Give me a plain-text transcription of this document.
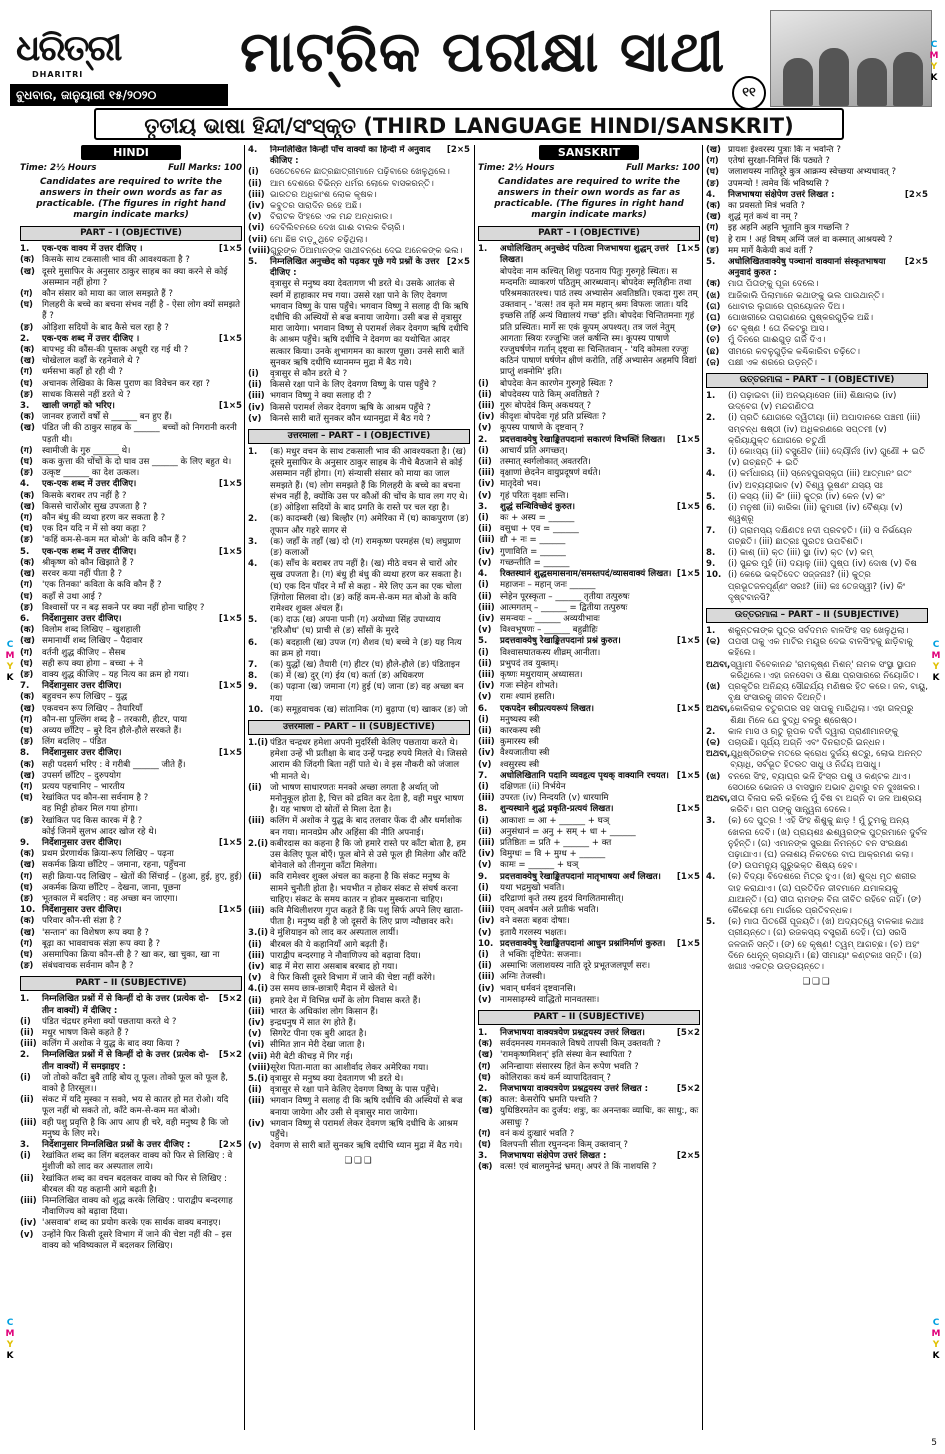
ଧରିତ୍ରୀ
DHARITRI
ବୁଧବାର, ଜାନୁୟାରୀ ୧୫/୨୦୨୦
ମାଟ୍ରିକ ପରୀକ୍ଷା ସାଥୀ
୧୧
C
M
Y
K
C
M
Y
K
C
M
Y
K
C
M
Y
K
C
M
Y
K
ତୃତୀୟ ଭାଷା ହିନ୍ଦୀ/ସଂସ୍କୃତ (THIRD LANGUAGE HINDI/SANSKRIT)
HINDI
Time: 2½ Hours	Full Marks: 100
Candidates are required to write the answers in their own words as far as practicable. (The figures in right hand margin indicate marks)
PART – I (OBJECTIVE)
1.	एक-एक वाक्य में उत्तर दीजिए ।	[1×5
(क) किसके साथ टकसाली भाव की आवश्यकता है ?
(ख) दूसरे मुसाफिर के अनुसार ठाकुर साहब का क्या करने से कोई असम्मान नहीं होगा ?
(ग)	कौन संसार को माया का जाल समझते हैं ?
(घ)	गिलहरी के बच्चे का बचना संभव नहीं है - ऐसा लोग क्यों समझते हैं ?
(ङ)	ओड़िशा सदियों के बाद कैसे चल रहा है ?
2.	एक-एक शब्द में उत्तर दीजिए ।	[1×5
(क) बापभट्ट की कौंस-की पुस्तक अधूरी रह गई थी ?
(ख) चोखेलाल कहाँ के रहनेवाले थे ?
(ग)	धर्मसभा कहाँ हो रही थी ?
(घ)	अचानक लेखिका के किस पुराण का विवेचन कर रहा ?
(ङ)	साधक किससे नहीं डरते थे ?
3.	खाली जगहों को भरिए।	[1×5
(क) जानवर हजारों वर्षों से ______ बन हुए हैं।
(ख) पंडित जी की ठाकुर साहब के ______ बच्चों को निगरानी करनी पड़ती थी।
(ग)	स्वामीजी के गुरु ______ थे।
(घ)	कक कुत्ता की चोंचों के दो घाव उस ______ के लिए बहुत थे।
(ङ)	उत्कृष्ट ______ का देश उत्कल।
4.	एक-एक शब्द में उत्तर दीजिए।	[1×5
(क) किसके बराबर तप नहीं है ?
(ख) किससे चारोंओर सुख उपजता है ?
(ग)	कौन बंधु की व्यथा हरण कर सकता है ?
(घ)	एक दिन यदि न में सो क्या कहा ?
(ङ)	'कहिं कम-से-कम मत बोओ' के कवि कौन हैं ?
5.	एक-एक शब्द में उत्तर दीजिए।	[1×5
(क) श्रीकृष्ण को कौन खिझाते हैं ?
(ख) सरवर कया नहीं पीता है ?
(ग)	'एक तिनका' कविता के कवि कौन हैं ?
(घ)	कहाँ से उथा आई ?
(ङ)	विश्वासों पर न बढ़ सकने पर क्या नहीं होना चाहिए ?
6.	निर्देशानुसार उत्तर दीजिए।	[1×5
(क) विलोम शब्द लिखिए – खुशहाली
(ख) समानार्थी शब्द लिखिए – पैदावार
(ग)	वर्तनी शुद्ध कीजिए – सैसब
(घ)	सही रूप क्या होगा – बच्चा + ने
(ङ)	वाक्य शुद्ध कीजिए – यह नित्य का क्रम हो गया।
7.	निर्देशानुसार उत्तर दीजिए।	[1×5
(क) बहुवचन रूप लिखिए – युद्ध
(ख) एकवचन रूप लिखिए – तैयारियाँ
(ग)	कौन-सा पुल्लिंग शब्द है – तरकारी, हीटर, पाया
(घ)	अव्यय छाँटिए – बुरे दिन हौले-हौले सरकते हैं।
(ङ)	लिंग बदलिए – पंडित
8.	निर्देशानुसार उत्तर दीजिए।	[1×5
(क) सही पदसर्ग भरिए : वे गरीबी ______ जीते हैं।
(ख) उपसर्ग छाँटिए – दुरुपयोग
(ग)	प्रत्यय पहचानिए – भारतीय
(घ)	रेखांकित पद कौन-सा सर्वनाम है ?
वह मिट्टी होकर मिल गया होगा।
(ङ)	रेखांकित पद किस कारक में है ?
कोई जिनमें सुलभ आदर खोज रहे थे।
9.	निर्देशानुसार उत्तर दीजिए।	[1×5
(क) प्रथम प्रेरणार्थक क्रिया-रूप लिखिए – पढ़ना
(ख) सकर्मक क्रिया छाँटिए – जमाना, रहना, पहुँचना
(ग)	सही क्रिया-पद लिखिए – खेतों की सिंचाई – (हुआ, हुई, हुए, हुई)
(घ)	अकर्मक क्रिया छाँटिए – देखना, जाना, पूछना
(ङ)	भूतकाल में बदलिए : वह अच्छा बन जाएगा।
10. निर्देशानुसार उत्तर दीजिए।	[1×5
(क) परिवार कौन-सी संज्ञा है ?
(ख) 'सन्तान' का विशेषण रूप क्या है ?
(ग)	बूढ़ा का भाववाचक संज्ञा रूप क्या है ?
(घ)	असमापिका क्रिया कौन-सी है ? खा कर, खा चुका, खा ना
(ङ)	संबंधवाचक सर्वनाम कौन है ?
PART – II (SUBJECTIVE)
1.	निम्नलिखित प्रश्नों में से किन्हीं दो के उत्तर (प्रत्येक दो-तीन वाक्यों) में दीजिए :
[5×2
(i)	पंडित चंद्रधर हमेशा क्यों पछताया करते थे ?
(ii) मधुर भाषण किसे कहते हैं ?
(iii) कलिंग में अशोक ने युद्ध के बाद क्या किया ?
2.	निम्नलिखित प्रश्नों में से किन्हीं दो के उत्तर (प्रत्येक दो-तीन वाक्यों) में समझाइए :
[5×2
(i)	जो तोको काँटा बुवै ताहि बोय तू फूल। तोको फूल को फूल है, वाको है तिरसूल।।
(ii) संकट में यदि मुस्का न सको, भय से कातर हो मत रोओ। यदि फूल नहीं बो सकते तो, काँटे कम-से-कम मत बोओ।
(iii) वही पशु प्रवृत्ति है कि आप आप ही चरे, वही मनुष्य है कि जो मनुष्य के लिए मरे।
3.	निर्देशानुसार निम्नलिखित प्रश्नों के उत्तर दीजिए :	[2×5
(i)	रेखांकित शब्द का लिंग बदलकर वाक्य को फिर से लिखिए : वे मुंशीजी को लाद कर अस्पताल लाये।
(ii) रेखांकित शब्द का वचन बदलकर वाक्य को फिर से लिखिए : बीरबल की यह कहानी आगे बढ़ती है।
(iii) निम्नलिखित वाक्य को शुद्ध करके लिखिए : पाराद्वीप बन्दरगाह नौवाणिज्य को बढ़ावा दिया।
(iv) 'असवाब' शब्द का प्रयोग करके एक सार्थक वाक्य बनाइए।
(v) उन्होंने फिर किसी दूसरे विभाग में जाने की चेष्टा नहीं की – इस वाक्य को भविष्यकाल में बदलकर लिखिए।
4.	निम्नलिखित किन्हीं पाँच वाक्यों का हिन्दी में अनुवाद कीजिए :
[2×5
(i)	ସେତେବେଳେ ଛାତ୍ରଛାତ୍ରୀମାନେ ପଢ଼ିବାରେ ଖେଳୁଥିଲେ।
(ii) ଆମ ଦେଶରେ ବିଭିନ୍ନ ଧର୍ମର ଲୋକେ ବାସକରନ୍ତି।
(iii) ଭାରତର ଅଧିକାଂଶ ଲୋକ କୃଷକ।
(iv) କବୁତର ସାରାଦିନ ରହେ ଅଛି।
(v) ବିରାଟକ ସିଂହରେ ଏକ ମନ୍ଦ ଅନ୍ଧକାର।
(vi) ଦେବିଲିବନରେ ଦେଖ ଗାଈ ବାଲକ ବିଚାରି।
(vii) ମୋ ଛିଞ ବାଡ଼ୁଥିବେ ଚଢ଼ିଥିଲା।
(viii) ଗୁରୁଙ୍କ ଠିଆମାନଙ୍କ ସାଥୀବନ୍ଧେ ଦେଇ ଅନେକଙ୍କ ଭଲ।
5.	निम्नलिखित अनुच्छेद को पढ़कर पूछे गये प्रश्नों के उत्तर दीजिए :
[2×5
वृत्रासुर से मनुष्य क्या देवतागण भी डरते थे। उसके आतंक से स्वर्ग में हाहाकार मच गया। उससे रक्षा पाने के लिए देवगण भगवान विष्णु के पास पहुँचे। भगवान विष्णु ने सलाह दी कि ऋषि दधीचि की अस्थियों से बज्र बनाया जायेगा। उसी बज्र से वृत्रासुर मारा जायेगा। भगवान विष्णु से परामर्श लेकर देवगण ऋषि दधीचि के आश्रम पहुँचे। ऋषि दधीचि ने देवगण का यथोचित आदर सत्कार किया। उनके शुभागमन का कारण पूछा। उनसे सारी बातें सुनकर ऋषि दधीचि ध्यानमग्न मुद्रा में बैठ गये।
(i)	वृत्रासुर से कौन डरते थे ?
(ii) किससे रक्षा पाने के लिए देवगण विष्णु के पास पहुँचे ?
(iii) भगवान विष्णु ने क्या सलाह दी ?
(iv) किससे परामर्श लेकर देवगण ऋषि के आश्रम पहुँचे ?
(v) किनसे सारी बातें सुनकर कौन ध्यानमुद्रा में बैठ गये ?
उत्तरमाला – PART – I (OBJECTIVE)
1.	(क) मधुर वचन के साथ टकसाली भाव की आवश्यकता है। (ख) दूसरे मुसाफिर के अनुसार ठाकुर साहब के नीचे बैठजाने से कोई असम्मान नहीं होगा। (ग) संन्यासी संसार को माया का जाल समझते हैं। (घ) लोग समझते हैं कि गिलहरी के बच्चे का बचना संभव नहीं है, क्योंकि उस पर कौओं की चोंच के घाव लग गए थे। (ङ) ओड़िशा सदियों के बाद प्रगति के रास्ते पर चल रहा है।
2.	(क) कादम्बरी (ख) बिल्हौर (ग) अमेरिका में (घ) काकपुराण (ङ) तूफान और गहरे सागर से
3.	(क) जहाँ के तहाँ (ख) दो (ग) रामकृष्ण परमहंस (घ) लघुप्राण (ङ) कलाओं
4.	(क) साँच के बराबर तप नहीं है। (ख) मीठे वचन से चारों ओर सुख उपजता है। (ग) बंधु ही बंधु की व्यथा हरण कर सकता है। (घ) एक दिन पॉदर ने माँ से कहा - मेरे लिए ऊन का एक चोला ज़िंगोला सिलवा दो। (ङ) कहिं कम-से-कम मत बोओ के कवि रामेश्वर शुक्ल अंचल हैं।
5.	(क) दाऊ (ख) अपना पानी (ग) अयोध्या सिंह उपाध्याय 'हरिऔध' (घ) प्राची से (ङ) साँसों के मुरदे
6.	(क) बदहाली (ख) उपज (ग) शैशव (घ) बच्चे ने (ङ) यह नित्य का क्रम हो गया।
7.	(क) युद्धों (ख) तैयारी (ग) हीटर (घ) हौले-हौले (ङ) पंडिताइन
8.	(क) में (ख) दुर् (ग) ईय (घ) कर्ता (ङ) अधिकरण
9.	(क) पढ़ाना (ख) जमाना (ग) हुई (घ) जाना (ङ) वह अच्छा बन गया
10. (क) समूहवाचक (ख) सांतानिक (ग) बुढ़ापा (घ) खाकर (ङ) जो
उत्तरमाला – PART – II (SUBJECTIVE)
1.(i) पंडित चन्द्रधर हमेशा अपनी मुदर्रिसी केलिए पछताया करते थे। हमेशा उन्हें भी प्रतीक्षा के बाद उन्हें पन्द्रह रुपये मिलते थे। जिससे आराम की जिंदगी बिता नहीं पाते थे। वे इस नौकरी को जंजाल भी मानते थे।
(ii) जो भाषण साधारणतः मनको अच्छा लगता है अर्थात् जो मनोनुकूल होता है, चित्त को द्रवित कर देता है, वही मधुर भाषण है। यह भाषण दो स्रोतों से मिला देता है।
(iii) कलिंग में अशोक ने युद्ध के बाद तलवार फेंक दी और धर्माशोक बन गया। मानवप्रेम और अहिंसा की नीति अपनाई।
2.(i) कबीरदास का कहना है कि जो हमारे रास्ते पर काँटा बोता है, हम उस केलिए फूल बोएँ। फूल बोने से उसे फूल ही मिलेगा और काँटे बोनेवाले को तीनगुना काँटा मिलेगा।
(ii) कवि रामेश्वर शुक्ल अंचल का कहना है कि संकट मनुष्य के सामने चुनौती होता है। भयभीत न होकर संकट से संघर्ष करना चाहिए। संकट के समय कातर न होकर मुस्कराना चाहिए।
(iii) कवि मैथिलीशरण गुप्त कहते हैं कि पशु सिर्फ अपने लिए खाता-पीता है। मनुष्य वही है जो दूसरों के लिए प्राण न्यौछावर करे।
3.(i) वे मुंशियाइन को लाद कर अस्पताल लायीं।
(ii) बीरबल की ये कहानियाँ आगे बढ़ती हैं।
(iii) पाराद्वीप बन्दरगाह ने नौवाणिज्य को बढ़ावा दिया।
(iv) बाढ़ में मेरा सारा असबाब बरबाद हो गया।
(v) वे फिर किसी दूसरे विभाग में जाने की चेष्टा नहीं करेंगे।
4.(i) उस समय छात्र-छात्राएँ मैदान में खेलते थे।
(ii) हमारे देश में विभिन्न धर्मों के लोग निवास करते हैं।
(iii) भारत के अधिकांश लोग किसान हैं।
(iv) इन्द्रधनुष में सात रंग होते हैं।
(v) सिगरेट पीना एक बुरी आदत है।
(vi) सीमित ज्ञान मेरी देखा जाता है।
(vii) मेरी बेटी कीचड़ में गिर गई।
(viii) सूरेश पिता-माता का आशीर्वाद लेकर अमेरिका गया।
5.(i) वृत्रासुर से मनुष्य क्या देवतागण भी डरते थे।
(ii) वृत्रासुर से रक्षा पाने केलिए देवगण विष्णु के पास पहुँचे।
(iii) भगवान विष्णु ने सलाह दी कि ऋषि दधीचि की अस्थियों से बज्र बनाया जायेगा और उसी से वृत्रासुर मारा जायेगा।
(iv) भगवान विष्णु से परामर्श लेकर देवगण ऋषि दधीचि के आश्रम पहुँचे।
(v) देवगण से सारी बातें सुनकर ऋषि दधीचि ध्यान मुद्रा में बैठ गये।
❑❑❑
SANSKRIT
Time: 2½ Hours	Full Marks: 100
Candidates are required to write the answers in their own words as far as practicable. (The figures in right hand margin indicate marks)
PART – I (OBJECTIVE)
1.	अधोलिखितम् अनुच्छेदं पठित्वा निजभाषया शुद्धम् उत्तरं लिखत।
[1×5
बोपदेवः नाम कश्चित् शिशुः पठनाय पितुः गुरुगृहे स्थितः। स मन्दमतिः व्याकरणं पठितुम् आरब्धवान्। बोपदेवः स्मृतिहीनः तथा परिश्रमकातरश्च। पाठं तस्य अभ्यासेन अवतिष्ठति। एकदा गुरुः तम् उक्तवान् - 'वत्स! तव कृते मम महान् श्रमः विफलः जातः। यदि इच्छसि तर्हि अन्यं विद्यालयं गच्छ' इति। बोपदेवः चिन्तितमनाः गृहं प्रति प्रस्थितः। मार्गे सः एकं कूपम् अपश्यत्। तत्र जलं नेतुम् आगताः स्त्रियः रज्जुभिः जलं कर्षन्ति स्म। कूपस्य पाषाणे रज्जुघर्षणेन गर्तान् दृष्ट्वा सः चिन्तितवान् - 'यदि कोमला रज्जुः कठिनं पाषाणं घर्षणेन क्षीणं करोति, तर्हि अभ्यासेन अहमपि विद्यां प्राप्तुं शक्नोमि' इति।
(i)	बोपदेवः केन कारणेन गुरुगृहे स्थितः ?
(ii) बोपदेवस्य पाठे किम् अवतिष्ठते ?
(iii) गुरुः बोपदेवं किम् अकथयत् ?
(iv) कीदृशः बोपदेवः गृहं प्रति प्रस्थितः ?
(v) कूपस्य पाषाणे के दृष्टवान् ?
2.	प्रदत्तवाक्येषु रेखाङ्कितपदानां सकारणं विभक्तिं लिखत।	[1×5
(i)	आचार्यं प्रति अगच्छत्।
(ii) तस्मात् स्वर्गलोकात् अवतरति।
(iii) वृक्षाणां छेदनेन वायुप्रदूषणं वर्धते।
(iv) मातृदेवो भव।
(v) गृहं परितः वृक्षाः सन्ति।
3.	शुद्धं सन्धिविच्छेदं कुरुत।	[1×5
(i)	कः + अस्य = ______
(ii) वसुधा + एव = ______
(iii) द्यौ + नः = ______
(iv) गुणाविति = ______
(v) गच्छन्तीति = ______
4.	रिक्तस्थानं शुद्धसमासनाम/समस्तपदं/व्यासवाक्यं लिखत। [1×5
(i)	महाजनः – महान् जनः ______
(ii) स्नेहेन पूरस्कृता – ______ तृतीया तत्पुरुषः
(iii) आत्मगतम् – ______ = द्वितीया तत्पुरुषः
(iv) समन्वयः – ______ अव्ययीभावः
(v) विश्वभूषणः – ______ बहुव्रीहिः
5.	प्रदत्तवाक्येषु रेखाङ्कितपदानां प्रश्नं कुरुत।	[1×5
(i)	विश्वासघातकस्य शीव्रम् आनीता।
(ii) प्रभुपदं तव युक्तम्।
(iii) कृष्णः मथुरायाम् अध्यासत।
(iv) गजः स्नेहेन शोभते।
(v) रामः श्यामं हसति।
6.	एकपदेन स्त्रीप्रत्ययरूपं लिखत।	[1×5
(i)	मनुष्यस्य स्त्री
(ii) कारकस्य स्त्री
(iii) कुमारस्य स्त्री
(iv) वैश्यजातीया स्त्री
(v) श्वसुरस्य स्त्री
7.	अधोलिखितानि पदानि व्यवहृत्य पृथक् वाक्यानि रचयत। [1×5
(i)	दक्षिणतः (ii) निर्भयेन
(iii) उपरतः (iv) निन्दयति (v) धारयामि
8.	शुन्यस्थाने शुद्धं प्रकृति-प्रत्ययं लिखत।	[1×5
(i)	आकाशः = आ + ______ + घञ्
(ii) अनुसंधानं = अनु + सम् + धा + ______
(iii) प्रतिष्ठितः = प्रति + ______ + क्त
(iv) विमुग्धः = वि + मुग्ध + ______
(v) कामः = ______ + घञ्
9.	प्रदत्तवाक्येषु रेखाङ्कितपदानां मातृभाषया अर्थं लिखत।	[1×5
(i)	यथा भद्रमुखो भवति।
(ii) दरिद्राणां कृते तस्य हृदयं विगलितमासीत्।
(iii) एवम् अवर्षन अले प्रतीकं भवति।
(iv) वने वसतः बहवः दोषाः।
(v) इतायै गरलस्य भक्षतः।
10. प्रदत्तवाक्येषु रेखाङ्कितपदानां आधुन प्रश्नांनिर्माणं कुरुत।	[1×5
(i)	ते भक्तिः दृष्टिपेत: सजनाः।
(ii) अस्माभिः जलाशयस्य नाति दूरे प्रभूतजलपूर्णं सरः।
(iii) अग्निः तेजस्वी।
(iv) भवान् धर्मवनं दृष्टवानसि।
(v) नामसाढ़ग्स्ये वाद्धितो मानवतसाः।
PART – II (SUBJECTIVE)
1.	निजभाषया वाक्यत्रयेण प्रश्नद्वयस्य उत्तरं लिखत।	[5×2
(क) सर्वदमनस्य गमनकाले विषये तापसी किम् उक्तवती ?
(ख) 'रामकृष्णमिशन्' इति संस्था केन स्थापिता ?
(ग)	अनिन्द्यायाः संसारस्य हितं केन रूपेण भवति ?
(घ)	कोलिराकः कथं कर्म व्यापादितवान् ?
2.	निजभाषया वाक्यत्रयेण प्रश्नद्वयस्य उत्तरं लिखत :	[5×2
(क) काल: केसरोपि भ्रमति पश्चति ?
(ख) युधिष्ठिरमतेन कः दुर्जय: शत्रुः, कः अनन्तकः व्याधिः, कः साधु:, कः असाधुः ?
(ग)	वनं कथं दुःखारं भवति ?
(घ)	विलपन्ती सीता रघुनन्दनः किम् उक्तवान् ?
3.	निजभाषया संक्षेपेण उत्तरं लिखत :	[2×5
(क) वत्स! एवं बालमुनेन्द्रं भ्रमत्। अपरं ते किं नाशयसि ?
(ख) प्रायशः ईश्वरस्य पुत्राः किं न भवन्ति ?
(ग)	एतेषां सुरक्षा-निमित्तं किं पठ्यते ?
(घ)	जलाशयस्य नातिदूरे कुत्र आक्रम्य स्वेच्छया अभ्यधावत् ?
(ङ)	उपमन्यो ! त्वमेव किं भविष्यसि ?
4.	निजभाषया संक्षेपेण उत्तरं लिखत :	[2×5
(क) का प्रवसतो मित्रं भवति ?
(ख) शुद्धं मृतं कथं वा नम् ?
(ग)	इह अहनि अहनि भूतानि कुत्र गच्छन्ति ?
(घ)	हे राम ! अहं विषम् अग्निं जलं वा कस्मात् आश्रयस्ये ?
(ङ)	मम मार्गे कैकेयी कथं वर्ती ?
5.	अधोलिखितवाक्येषु पञ्चानां वाक्यानां संस्कृतभाषया अनुवादं कुरुत :
[2×5
(क) ମାତା ପିତାଙ୍କୁ ପୂଜା ଦେଲେ।
(ଖ) ଆଜିକାଲି ପିଲାମାନେ କଥାଙ୍କୁ ଭଲ ପାଉଥାନ୍ତି।
(ଗ) ଧୋବାର ଲୁଗାରେ ପ୍ରୟୋଜନ ଦିଅ।
(ଘ) ପୋଖରୀରେ ତାରାଗଣରେ ପୁଷ୍କରଗୁଡ଼ିକ ଅଛି।
(ଙ) ଟେ କୃଷ୍ଣ ! ତୋ ନିକଟରୁ ଆସ।
(ଚ) ମୁଁ ଦିନରେ ଗାଈଗୁଡ଼ ଗର୍ଜି ଦିଏ।
(ଛ)	ସୀମରେ କବଳୁଗୁଡ଼ିକ କଣ୍ଢିକାରିବା ଚଢ଼ିତେ।
(ଜ) ପକ୍ଷୀ ଏକ ଶରରେ ଉଡ଼ନ୍ତି।
ଉତ୍ତରମାଳା – PART – I (OBJECTIVE)
1.	(i) ପଢ଼ାଇବା (ii) ଅନଭ୍ୟାସେନ (iii) ଶିକ୍ଷାଲାଭ (iv) ଉଦ୍ବେଗ (v) ମନ୍ଦଗଣିତତା
2.	(i) ପ୍ରତି ଯୋଗରେ ଦ୍ୱିତୀୟା (ii) ଅପାଦାନରେ ପଞ୍ଚମୀ (iii) ସମ୍ବନ୍ଧ ଷଷ୍ଠୀ (iv) ଅଧିକରଣରେ ସପ୍ତମୀ (v) କ୍ରିୟାଯୁକ୍ତ ଯୋଗରେ ଚତୁର୍ଥୀ
3.	(i) କୋଽସ୍ୟ (ii) ବସୁଧୈବ (iii) ଦ୍ୟୌର୍ନଃ (iv) ଗୁଣୌ + ଇତି (v) ଗଚ୍ଛନ୍ତି + ଇତି
4.	(i) କର୍ମଧାରୟ (ii) ସ୍ନେହପୁରସ୍କୃତା (iii) ଆତ୍ମାନଂ ଗତଂ (iv) ଅବ୍ୟୟୀଭାବ (v) ବିଶ୍ୱ ଭୂଷଣଂ ଯସ୍ୟ ସଃ
5.	(i) କସ୍ୟ (ii) କିଂ (iii) କୁତ୍ର (iv) କେନ (v) କଂ
6.	(i) ମନୁଷୀ (ii) କାରିକା (iii) କୁମାରୀ (iv) ବୈଶ୍ୟା (v) ଶ୍ୱଶ୍ରୂ
7.	(i) ଗ୍ରାମସ୍ୟ ଦକ୍ଷିଣତଃ ନଦୀ ପ୍ରବହତି। (ii) ସ ନିର୍ଭୟେନ ଗଚ୍ଛତି। (iii) ଛାତ୍ରଃ ପୁରତଃ ଉପବିଶତି।
8.	(i) କାଶ୍ (ii) କ୍ତ (iii) ସ୍ଥା (iv) କ୍ତ (v) କମ୍
9.	(i) ସୁନ୍ଦର ମୁହଁ (ii) ଦୟାଳୁ (iii) ପୁଷ୍ପ (iv) ଦୋଷ (v) ବିଷ
10. (i) କେଭେ ଭକ୍ତିଦେତ ସଜ୍ଜନାଃ? (ii) କୁତ୍ର ପ୍ରଭୂତଜଳପୂର୍ଣ୍ଣଂ ସରଃ? (iii) କଃ ତେଜସ୍ୱୀ? (iv) କିଂ ଦୃଷ୍ଟବାନସି?
ଉତ୍ତରମାଳା – PART – II (SUBJECTIVE)
1.(କ)
ଶକୁନ୍ତଳାଙ୍କ ପୁତ୍ର ସର୍ବଦମନ ବାଳସିଂହ ସହ ଖେଳୁଥିଲା। ତାପସୀ ତାକୁ ଏକ ମାଟିର ମୟୂର ଦେଇ ବାଳସିଂହକୁ ଛାଡ଼ିବାକୁ କହିଲେ।
ଅଥବା, ସ୍ୱାମୀ ବିବେକାନନ୍ଦ 'ରାମକୃଷ୍ଣ ମିଶନ୍' ନାମକ ସଂସ୍ଥା ସ୍ଥାପନ କରିଥିଲେ। ଏହା ଜନସେବା ଓ ଶିକ୍ଷା ପ୍ରସାରରେ ନିୟୋଜିତ।
(ଖ) ପ୍ରକୃତିର ଅନିନ୍ଦ୍ୟ ସୌନ୍ଦର୍ଯ୍ୟ ମଣିଷର ହିତ କରେ। ଜଳ, ବାୟୁ, ବୃକ୍ଷ ସଂସାରକୁ ଜୀବନ ଦିଅନ୍ତି।
ଅଥବା, କୋଳିରାକ ଚତୁରତାର ସହ ସାପକୁ ମାରିଥିଲା। ଏହା ଗଳ୍ପରୁ ଶିକ୍ଷା ମିଳେ ଯେ ବୁଦ୍ଧି ବଳରୁ ଶ୍ରେଷ୍ଠ।
2.(କ)
କାଳ ମାସ ଓ ଋତୁ ରୂପକ ଦର୍ବୀ ଦ୍ୱାରା ପ୍ରାଣୀମାନଙ୍କୁ ପଚାଉଛି। ସୂର୍ଯ୍ୟ ଅଗ୍ନି ଏବଂ ଦିନରାତ୍ରି ଇନ୍ଧନ।
ଅଥବା, ଯୁଧିଷ୍ଠିରଙ୍କ ମତରେ କ୍ରୋଧ ଦୁର୍ଜୟ ଶତ୍ରୁ, ଲୋଭ ଅନନ୍ତ ବ୍ୟାଧି, ସର୍ବଭୂତ ହିତରତ ସାଧୁ ଓ ନିର୍ଦ୍ଦୟ ଅସାଧୁ।
(ଖ) ବନରେ ସିଂହ, ବ୍ୟାଘ୍ର ଭଳି ହିଂସ୍ର ପଶୁ ଓ କଣ୍ଟକ ଥାଏ। ସେଠାରେ ଭୋଜନ ଓ ବାସସ୍ଥାନ ଅଭାବ ଥିବାରୁ ବନ ଦୁଃଖକର।
ଅଥବା, ସୀତା ବିଳାପ କରି କହିଲେ ମୁଁ ବିଷ ବା ଅଗ୍ନି ବା ଜଳ ଆଶ୍ରୟ କରିବି। ରାମ ତାଙ୍କୁ ସାନ୍ତ୍ୱନା ଦେଲେ।
3.	(କ) ଦେ ପୁତ୍ର ! ଏହି ସିଂହ ଶିଶୁକୁ ଛାଡ଼ ! ମୁଁ ତୁମକୁ ଅନ୍ୟ ଖେଳନା ଦେବି। (ଖ) ପ୍ରାୟଶଃ ଈଶ୍ୱରଙ୍କ ପୁତ୍ରମାନେ ଦୁର୍ବଳ ନୁହଁନ୍ତି। (ଗ) ଏମାନଙ୍କ ସୁରକ୍ଷା ନିମନ୍ତେ ବନ ସଂରକ୍ଷଣ ପଢ଼ାଯାଏ। (ଘ) ଜଳାଶୟ ନିକଟରେ ବାଘ ଆକ୍ରମଣ କଲା। (ଙ) ଉପମନ୍ୟୁ ଗୁରୁଭକ୍ତ ଶିଷ୍ୟ ହେବ।
4.	(କ) ବିଦ୍ୟା ବିଦେଶରେ ମିତ୍ର ହୁଏ। (ଖ) ଶୁଦ୍ଧ ମୃତ ଶରୀର ଦାହ କରାଯାଏ। (ଗ) ପ୍ରତିଦିନ ଜୀବମାନେ ଯମାଳୟକୁ ଯାଆନ୍ତି। (ଘ) ସୀତା ରାମଙ୍କ ବିନା ଜୀବିତ ରହିବେ ନାହିଁ। (ଙ) କୈକେୟୀ ମୋ ମାର୍ଗରେ ପ୍ରତିବନ୍ଧକ।
5.	(କ) ମାତା ପିତରୌ ପୂଜୟତି। (ଖ) ଅଦ୍ୟତ୍ୱେ ବାଳକାଃ କଥାଃ ପ୍ରୀୟନ୍ତେ। (ଗ) ରଜକସ୍ୟ ବସ୍ତ୍ରାଣି ଦେହି। (ଘ) ସରସି ଜଳଜାନି ସନ୍ତି। (ଙ) ହେ କୃଷ୍ଣ! ତ୍ୱମ୍ ଆଗଚ୍ଛ। (ଚ) ଅହଂ ଦିନେ ଧେନୂନ୍ ଚାରୟାମି। (ଛ) ସୀମାୟାଂ କଣ୍ଟକାଃ ସନ୍ତି। (ଜ) ଖଗାଃ ଏକତ୍ର ଉଡ୍ଡୟନ୍ତେ।
❑❑❑
5
